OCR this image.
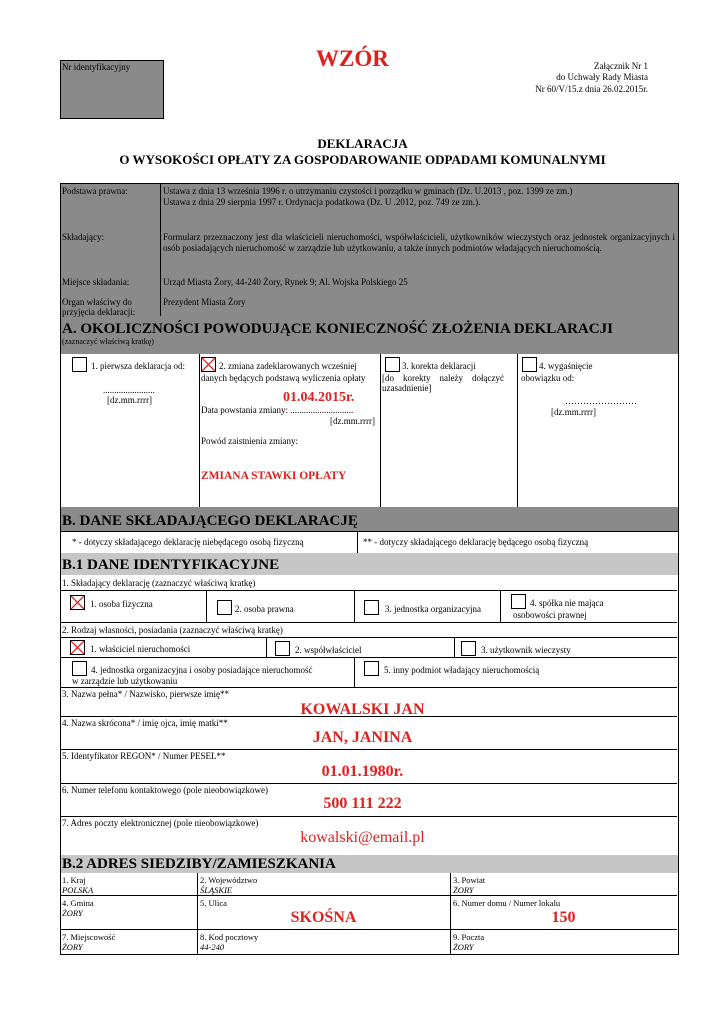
Nr identyfikacyjny	WZÓR	Załącznik Nr 1
do Uchwały Rady Miasta
Nr 60/V/15.z dnia 26.02.2015r.
DEKLARACJA
O WYSOKOŚCI OPŁATY ZA GOSPODAROWANIE ODPADAMI KOMUNALNYMI
Podstawa prawna:	Ustawa z dnia 13 września 1996 r. o utrzymaniu czystości i porządku w gminach (Dz. U.2013 , poz. 1399 ze zm.)
Ustawa z dnia 29 sierpnia 1997 r. Ordynacja podatkowa (Dz. U .2012, poz. 749 ze zm.).
Składający:	Formularz przeznaczony jest dla właścicieli nieruchomości, współwłaścicieli, użytkowników wieczystych oraz jednostek organizacyjnych i osób posiadających nieruchomość w zarządzie lub użytkowaniu, a także innych podmiotów władających nieruchomością.
Miejsce składania:	Urząd Miasta Żory, 44-240 Żory, Rynek 9; Al. Wojska Polskiego 25
Organ właściwy do
przyjęcia deklaracji:
Prezydent Miasta Żory
A. OKOLICZNOŚCI POWODUJĄCE KONIECZNOŚĆ ZŁOŻENIA DEKLARACJI
(zaznaczyć właściwą kratkę)
1. pierwsza deklaracja od:
.......................
[dz.mm.rrrr]
2. zmiana zadeklarowanych wcześniej
danych będących podstawą wyliczenia opłaty
01.04.2015r.
Data powstania zmiany: ............................
[dz.mm.rrrr]
Powód zaistnienia zmiany:
ZMIANA STAWKI OPŁATY
3. korekta deklaracji
[do    korekty    należy    dołączyć
uzasadnienie]
4. wygaśnięcie
obowiązku od:
……………………
[dz.mm.rrrr]
B. DANE SKŁADAJĄCEGO DEKLARACJĘ
* - dotyczy składającego deklarację niebędącego osobą fizyczną	** - dotyczy składającego deklarację będącego osobą fizyczną
B.1 DANE IDENTYFIKACYJNE
1. Składający deklarację (zaznaczyć właściwą kratkę)
1. osoba fizyczna	2. osoba prawna	3. jednostka organizacyjna
4. spółka nie mająca
osobowości prawnej
2. Rodzaj własności, posiadania (zaznaczyć właściwą kratkę)
1. właściciel nieruchomości	2. współwłaściciel	3. użytkownik wieczysty
4. jednostka organizacyjna i osoby posiadające nieruchomość
w zarządzie lub użytkowaniu
5. inny podmiot władający nieruchomością
3. Nazwa pełna* / Nazwisko, pierwsze imię**
KOWALSKI JAN
4. Nazwa skrócona* / imię ojca, imię matki**
JAN, JANINA
5. Identyfikator REGON* / Numer PESEL**
01.01.1980r.
6. Numer telefonu kontaktowego (pole nieobowiązkowe)
500 111 222
7. Adres poczty elektronicznej (pole nieobowiązkowe)
kowalski@email.pl
B.2 ADRES SIEDZIBY/ZAMIESZKANIA
1. Kraj
POLSKA
2. Województwo
ŚLĄSKIE
3. Powiat
ŻORY
4. Gmina
ŻORY
5. Ulica
SKOŚNA
6. Numer domu / Numer lokalu
150
7. Miejscowość
ŻORY
8. Kod pocztowy
44-240
9. Poczta
ŻORY
